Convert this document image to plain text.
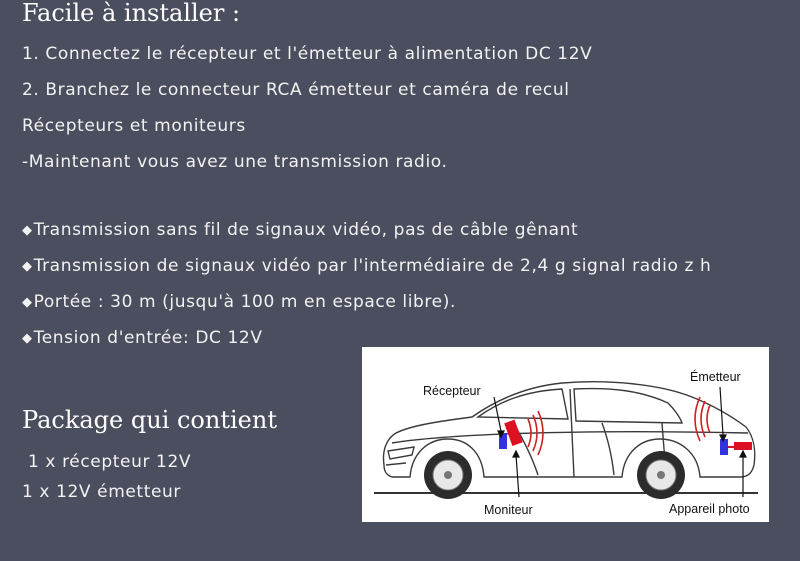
Facile à installer :
1. Connectez le récepteur et l'émetteur à alimentation DC 12V
2. Branchez le connecteur RCA émetteur et caméra de recul
Récepteurs et moniteurs
-Maintenant vous avez une transmission radio.
◆Transmission sans fil de signaux vidéo, pas de câble gênant
◆Transmission de signaux vidéo par l'intermédiaire de 2,4 g signal radio z h
◆Portée : 30 m (jusqu'à 100 m en espace libre).
◆Tension d'entrée: DC 12V
Package qui contient
1 x récepteur 12V
1 x 12V émetteur
Récepteur
Émetteur
Moniteur	Appareil photo
